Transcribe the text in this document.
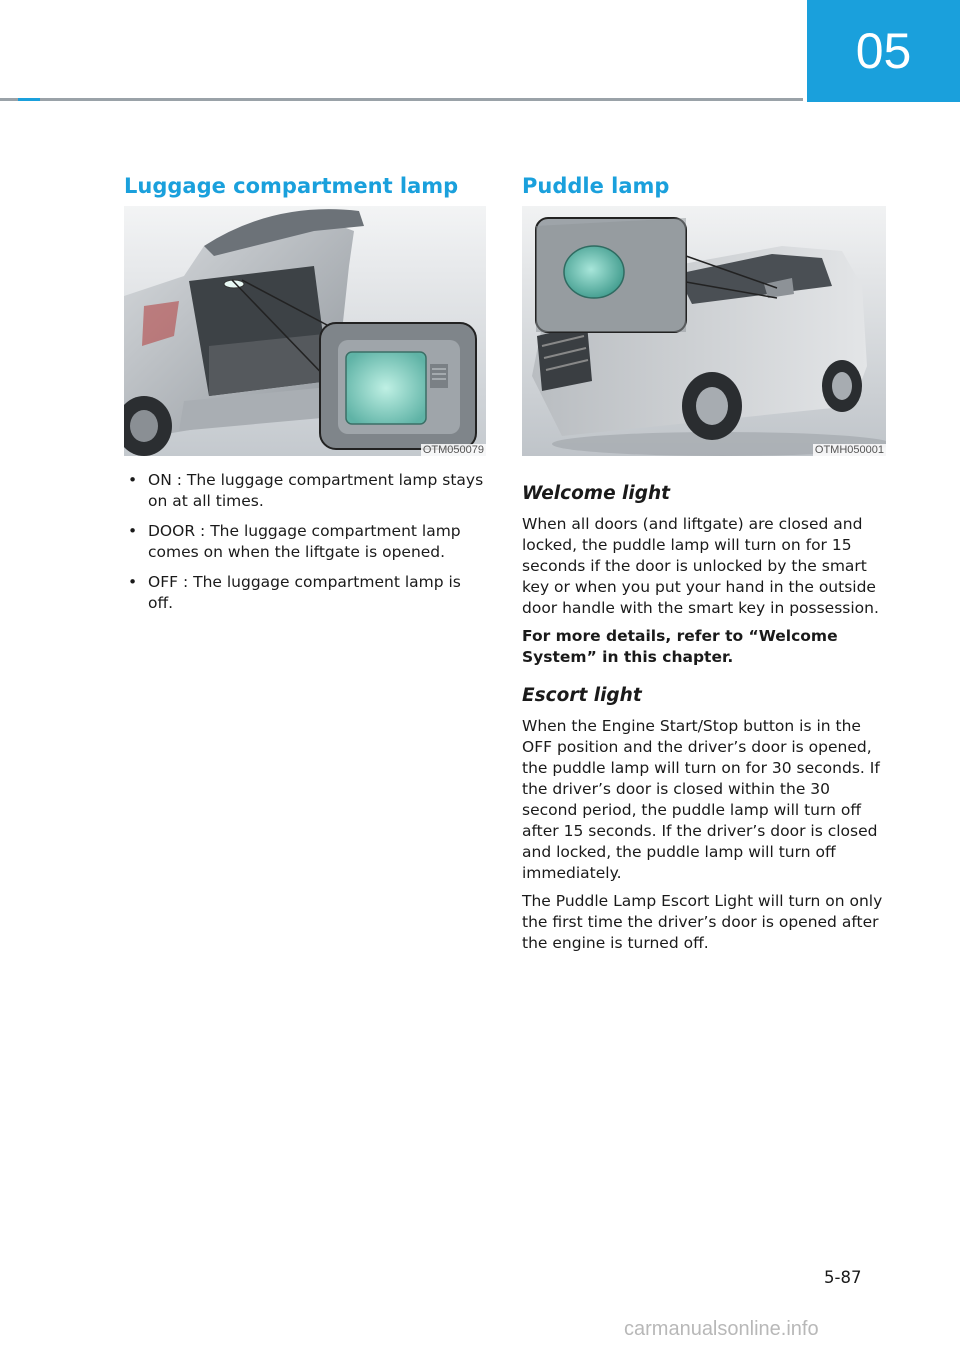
05
Luggage compartment lamp
OTM050079
• ON : The luggage compartment lamp stays on at all times.
• DOOR : The luggage compartment lamp comes on when the liftgate is opened.
• OFF : The luggage compartment lamp is off.
Puddle lamp
OTMH050001
Welcome light

When all doors (and liftgate) are closed and locked, the puddle lamp will turn on for 15 seconds if the door is unlocked by the smart key or when you put your hand in the outside door handle with the smart key in possession.

For more details, refer to “Welcome System” in this chapter.

Escort light

When the Engine Start/Stop button is in the OFF position and the driver’s door is opened, the puddle lamp will turn on for 30 seconds. If the driver’s door is closed within the 30 second period, the puddle lamp will turn off after 15 seconds. If the driver’s door is closed and locked, the puddle lamp will turn off immediately.

The Puddle Lamp Escort Light will turn on only the first time the driver’s door is opened after the engine is turned off.

5-87
carmanualsonline.info
